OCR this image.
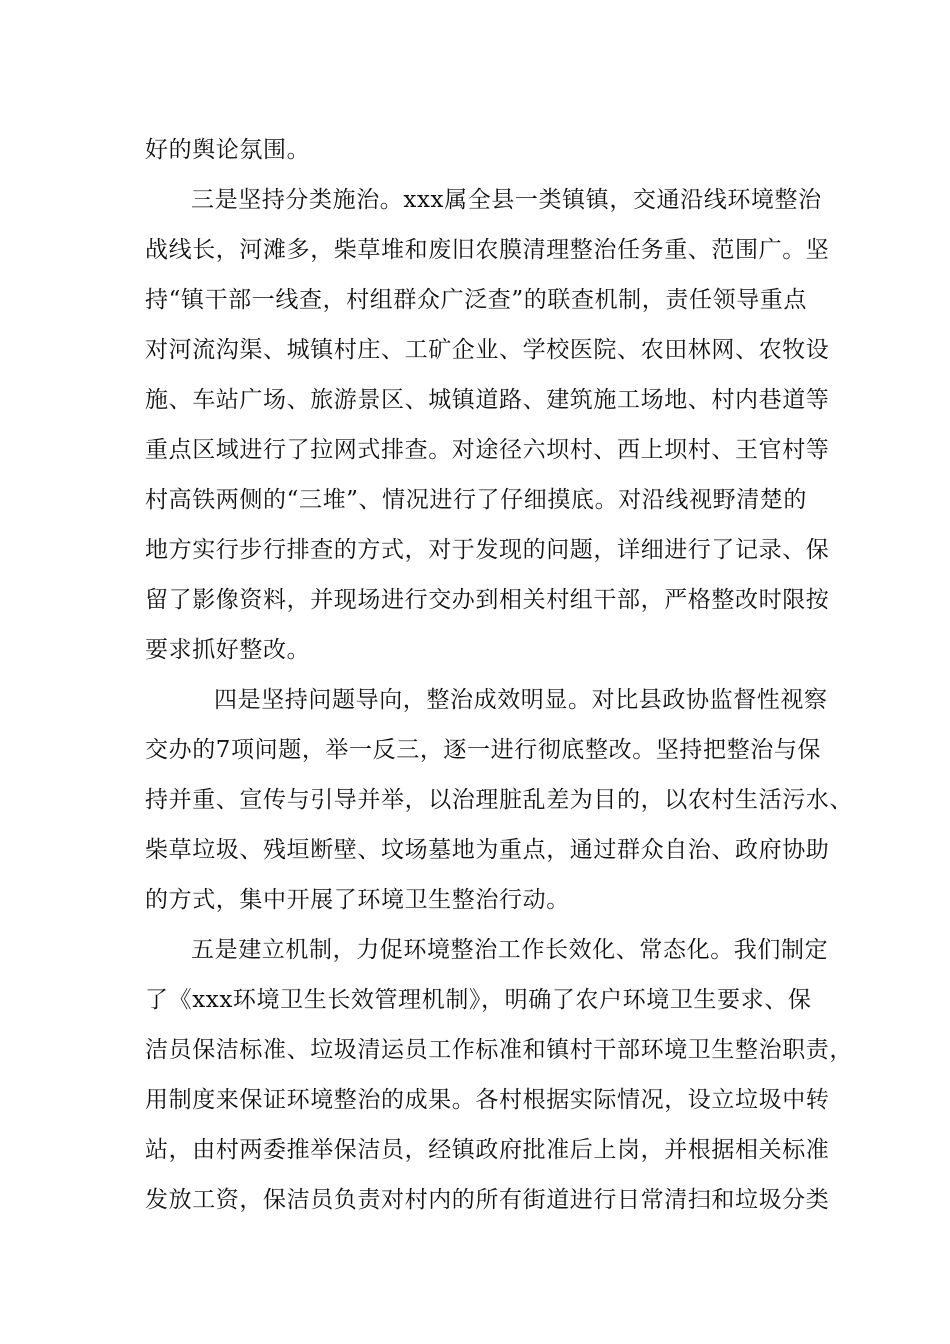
好的舆论氛围。
三是坚持分类施治。xxx属全县一类镇镇，交通沿线环境整治
战线长，河滩多，柴草堆和废旧农膜清理整治任务重、范围广。坚
持“镇干部一线查，村组群众广泛查”的联查机制，责任领导重点
对河流沟渠、城镇村庄、工矿企业、学校医院、农田林网、农牧设
施、车站广场、旅游景区、城镇道路、建筑施工场地、村内巷道等
重点区域进行了拉网式排查。对途径六坝村、西上坝村、王官村等
村高铁两侧的“三堆”、情况进行了仔细摸底。对沿线视野清楚的
地方实行步行排查的方式，对于发现的问题，详细进行了记录、保
留了影像资料，并现场进行交办到相关村组干部，严格整改时限按
要求抓好整改。
四是坚持问题导向，整治成效明显。对比县政协监督性视察
交办的7项问题，举一反三，逐一进行彻底整改。坚持把整治与保
持并重、宣传与引导并举，以治理脏乱差为目的，以农村生活污水、
柴草垃圾、残垣断壁、坟场墓地为重点，通过群众自治、政府协助
的方式，集中开展了环境卫生整治行动。
五是建立机制，力促环境整治工作长效化、常态化。我们制定
了《xxx环境卫生长效管理机制》，明确了农户环境卫生要求、保
洁员保洁标准、垃圾清运员工作标准和镇村干部环境卫生整治职责，
用制度来保证环境整治的成果。各村根据实际情况，设立垃圾中转
站，由村两委推举保洁员，经镇政府批准后上岗，并根据相关标准
发放工资，保洁员负责对村内的所有街道进行日常清扫和垃圾分类
